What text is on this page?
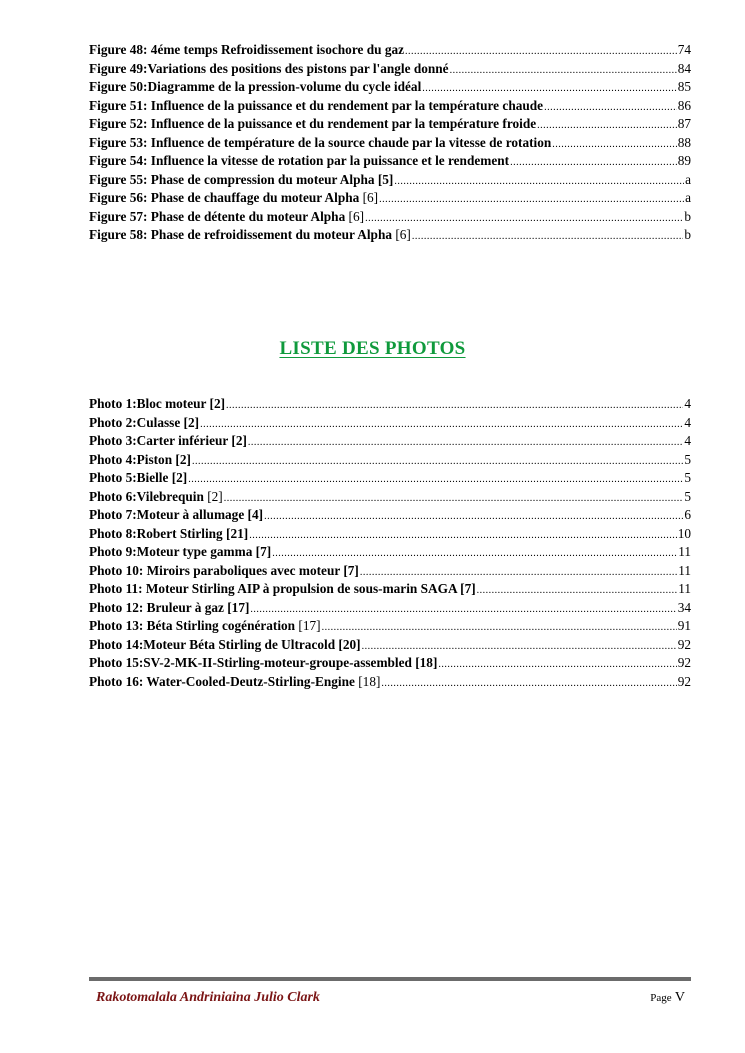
Figure 48: 4éme temps Refroidissement isochore du gaz .....	74
Figure 49:Variations des positions des pistons par l'angle donné .....	84
Figure 50:Diagramme de la pression-volume du cycle idéal .....	85
Figure 51: Influence de la puissance et du rendement par la température chaude .....	86
Figure 52: Influence de la puissance et du rendement par la température froide .....	87
Figure 53: Influence de température de la source chaude par la vitesse de rotation .....	88
Figure 54: Influence la vitesse de rotation par la puissance et le rendement .....	89
Figure 55: Phase de compression du moteur Alpha [5] .....	a
Figure 56: Phase de chauffage du moteur Alpha [6] .....	a
Figure 57: Phase de détente du moteur Alpha [6] .....	b
Figure 58: Phase de refroidissement du moteur Alpha [6] .....	b
LISTE DES PHOTOS
Photo 1:Bloc moteur [2] .....	4
Photo 2:Culasse [2] .....	4
Photo 3:Carter inférieur [2] .....	4
Photo 4:Piston [2] .....	5
Photo 5:Bielle [2] .....	5
Photo 6:Vilebrequin [2] .....	5
Photo 7:Moteur à allumage [4] .....	6
Photo 8:Robert Stirling [21] .....	10
Photo 9:Moteur type gamma [7] .....	11
Photo 10: Miroirs paraboliques avec moteur [7] .....	11
Photo 11: Moteur Stirling AIP à propulsion de sous-marin SAGA [7] .....	11
Photo 12: Bruleur à gaz [17] .....	34
Photo 13: Béta Stirling cogénération [17] .....	91
Photo 14:Moteur Béta Stirling de Ultracold [20] .....	92
Photo 15:SV-2-MK-II-Stirling-moteur-groupe-assembled [18] .....	92
Photo 16: Water-Cooled-Deutz-Stirling-Engine [18] .....	92
Rakotomalala Andriniaina Julio Clark	Page V
